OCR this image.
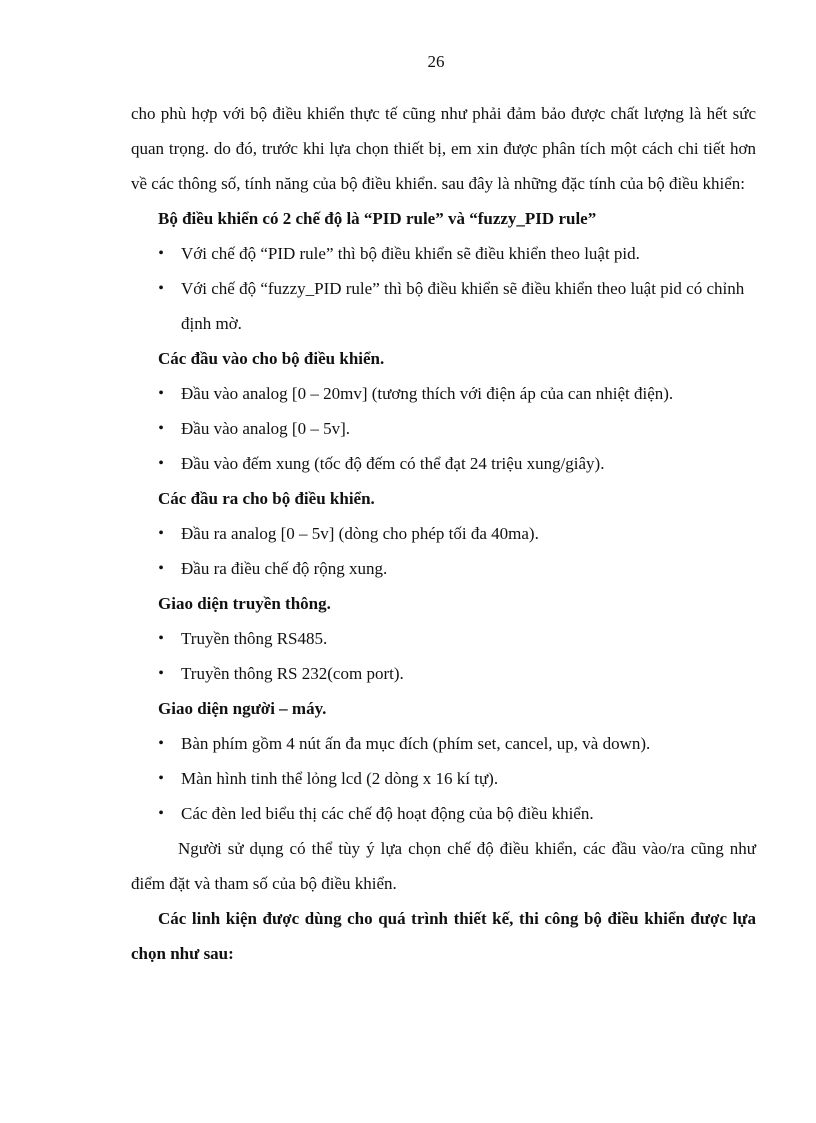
26

cho phù hợp với bộ điều khiển thực tế cũng như phải đảm bảo được chất lượng là hết sức quan trọng. do đó, trước khi lựa chọn thiết bị, em xin được phân tích một cách chi tiết hơn về các thông số, tính năng của bộ điều khiển. sau đây là những đặc tính của bộ điều khiển:

Bộ điều khiển có 2 chế độ là “PID rule” và “fuzzy_PID rule”

• Với chế độ “PID rule” thì bộ điều khiển sẽ điều khiển theo luật pid.
• Với chế độ “fuzzy_PID rule” thì bộ điều khiển sẽ điều khiển theo luật pid có chỉnh định mờ.

Các đầu vào cho bộ điều khiển.

• Đầu vào analog [0 – 20mv] (tương thích với điện áp của can nhiệt điện).
• Đầu vào analog [0 – 5v].
• Đầu vào đếm xung (tốc độ đếm có thể đạt 24 triệu xung/giây).

Các đầu ra cho bộ điều khiển.

• Đầu ra analog [0 – 5v] (dòng cho phép tối đa 40ma).
• Đầu ra điều chế độ rộng xung.

Giao diện truyền thông.

• Truyền thông RS485.
• Truyền thông RS 232(com port).

Giao diện người – máy.

• Bàn phím gồm 4 nút ấn đa mục đích (phím set, cancel, up, và down).
• Màn hình tinh thể lỏng lcd (2 dòng x 16 kí tự).
• Các đèn led biểu thị các chế độ hoạt động của bộ điều khiển.

Người sử dụng có thể tùy ý lựa chọn chế độ điều khiển, các đầu vào/ra cũng như điểm đặt và tham số của bộ điều khiển.

Các linh kiện được dùng cho quá trình thiết kế, thi công bộ điều khiển được lựa chọn như sau:
